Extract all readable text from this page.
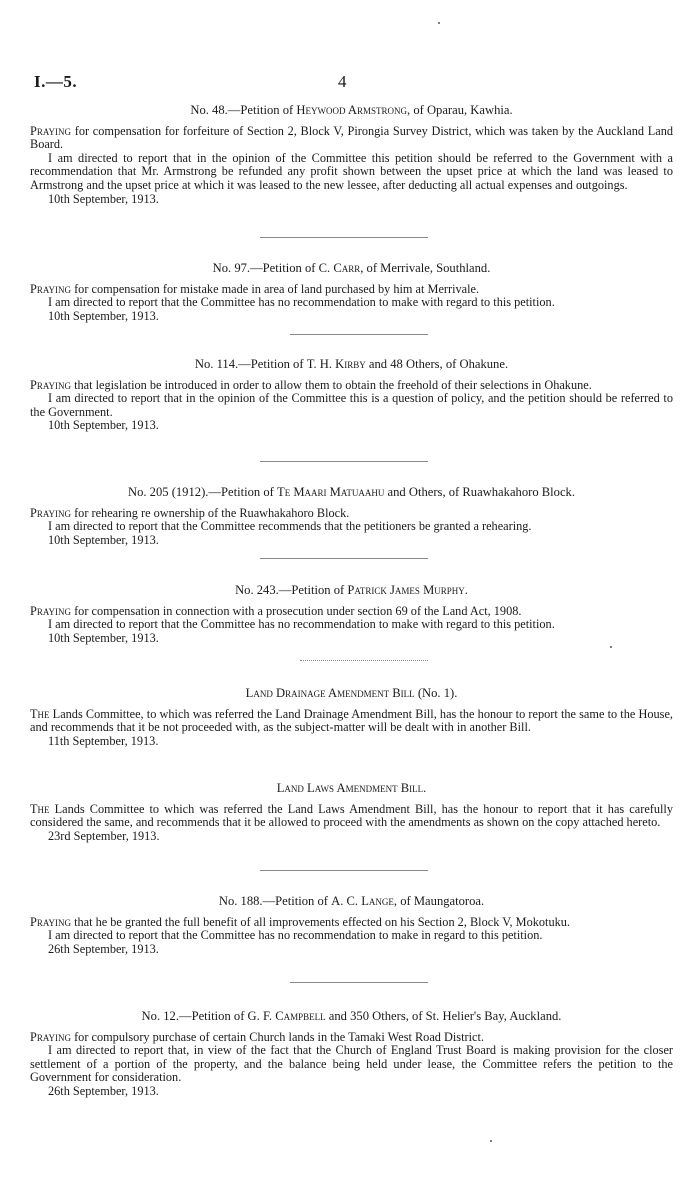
I.—5.	4
No. 48.—Petition of Heywood Armstrong, of Oparau, Kawhia.

Praying for compensation for forfeiture of Section 2, Block V, Pirongia Survey District, which was taken by the Auckland Land Board.

I am directed to report that in the opinion of the Committee this petition should be referred to the Government with a recommendation that Mr. Armstrong be refunded any profit shown between the upset price at which the land was leased to Armstrong and the upset price at which it was leased to the new lessee, after deducting all actual expenses and outgoings.

10th September, 1913.

No. 97.—Petition of C. Carr, of Merrivale, Southland.

Praying for compensation for mistake made in area of land purchased by him at Merrivale.

I am directed to report that the Committee has no recommendation to make with regard to this petition.

10th September, 1913.

No. 114.—Petition of T. H. Kirby and 48 Others, of Ohakune.

Praying that legislation be introduced in order to allow them to obtain the freehold of their selections in Ohakune.

I am directed to report that in the opinion of the Committee this is a question of policy, and the petition should be referred to the Government.

10th September, 1913.

No. 205 (1912).—Petition of Te Maari Matuaahu and Others, of Ruawhakahoro Block.

Praying for rehearing re ownership of the Ruawhakahoro Block.

I am directed to report that the Committee recommends that the petitioners be granted a rehearing.

10th September, 1913.

No. 243.—Petition of Patrick James Murphy.

Praying for compensation in connection with a prosecution under section 69 of the Land Act, 1908.

I am directed to report that the Committee has no recommendation to make with regard to this petition.

10th September, 1913.

Land Drainage Amendment Bill (No. 1).

The Lands Committee, to which was referred the Land Drainage Amendment Bill, has the honour to report the same to the House, and recommends that it be not proceeded with, as the subject-matter will be dealt with in another Bill.

11th September, 1913.

Land Laws Amendment Bill.

The Lands Committee to which was referred the Land Laws Amendment Bill, has the honour to report that it has carefully considered the same, and recommends that it be allowed to proceed with the amendments as shown on the copy attached hereto.

23rd September, 1913.

No. 188.—Petition of A. C. Lange, of Maungatoroa.

Praying that he be granted the full benefit of all improvements effected on his Section 2, Block V, Mokotuku.

I am directed to report that the Committee has no recommendation to make in regard to this petition.

26th September, 1913.

No. 12.—Petition of G. F. Campbell and 350 Others, of St. Helier's Bay, Auckland.

Praying for compulsory purchase of certain Church lands in the Tamaki West Road District.

I am directed to report that, in view of the fact that the Church of England Trust Board is making provision for the closer settlement of a portion of the property, and the balance being held under lease, the Committee refers the petition to the Government for consideration.

26th September, 1913.
